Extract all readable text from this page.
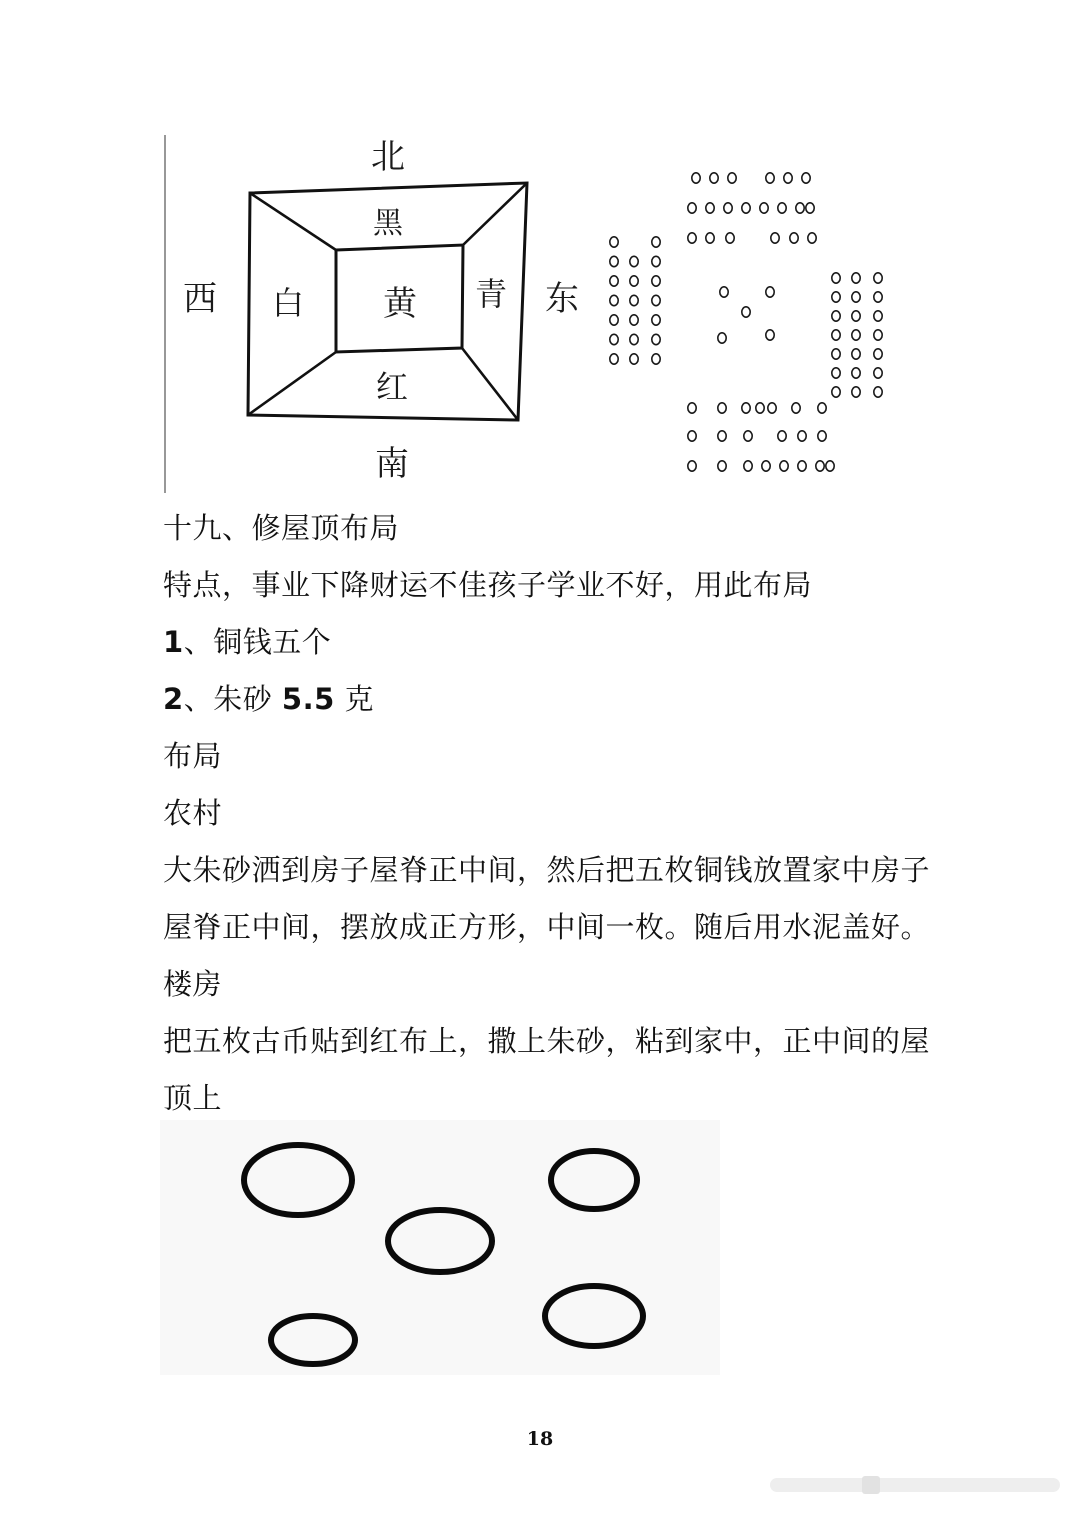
北
南
西	东
黑
黄
白	青
红
十九、修屋顶布局
特点，事业下降财运不佳孩子学业不好，用此布局
1、铜钱五个
2、朱砂 5.5 克
布局
农村
大朱砂洒到房子屋脊正中间，然后把五枚铜钱放置家中房子
屋脊正中间，摆放成正方形，中间一枚。随后用水泥盖好。
楼房
把五枚古币贴到红布上，撒上朱砂，粘到家中，正中间的屋
顶上
18
